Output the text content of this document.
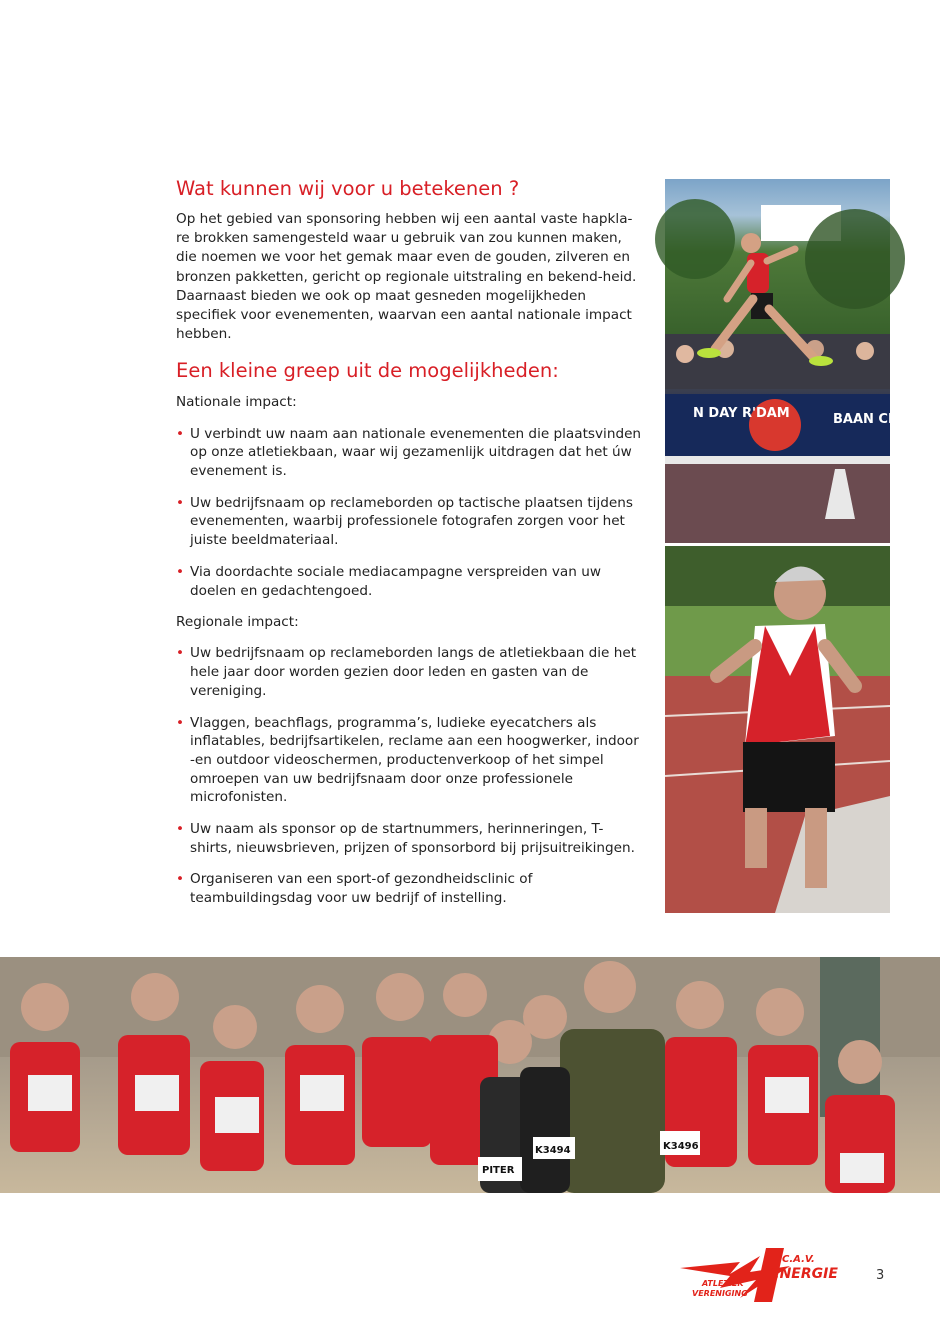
Wat kunnen wij voor u betekenen ?

Op het gebied van sponsoring hebben wij een aantal vaste hapkla-re brokken samengesteld waar u gebruik van zou kunnen maken, die noemen we voor het gemak maar even de gouden, zilveren en bronzen pakketten, gericht op regionale uitstraling en bekend-heid. Daarnaast bieden we ook op maat gesneden mogelijkheden specifiek voor evenementen, waarvan een aantal nationale impact hebben.

Een kleine greep uit de mogelijkheden:
Nationale impact:
• U verbindt uw naam aan nationale evenementen die plaatsvinden op onze atletiekbaan, waar wij gezamenlijk uitdragen dat het úw evenement is.
• Uw bedrijfsnaam op reclameborden op tactische plaatsen tijdens evenementen, waarbij professionele fotografen zorgen voor het juiste beeldmateriaal.
• Via doordachte sociale mediacampagne verspreiden van uw doelen en gedachtengoed.
Regionale impact:
• Uw bedrijfsnaam op reclameborden langs de atletiekbaan die het hele jaar door worden gezien door leden en gasten van de vereniging.
• Vlaggen, beachflags, programma’s, ludieke eyecatchers als inflatables, bedrijfsartikelen, reclame aan een hoogwerker, indoor -en outdoor videoschermen, productenverkoop of het simpel omroepen van uw bedrijfsnaam door onze professionele microfonisten.
• Uw naam als sponsor op de startnummers, herinneringen, T-shirts, nieuwsbrieven, prijzen of sponsorbord bij prijsuitreikingen.
• Organiseren van een sport-of gezondheidsclinic of teambuildingsdag voor uw bedrijf of instelling.
N DAY R'DAM	BAAN CIRCUIT
K3496
K3494
PITER
C.A.V.
ENERGIE
ATLETIEK
VERENIGING
3
